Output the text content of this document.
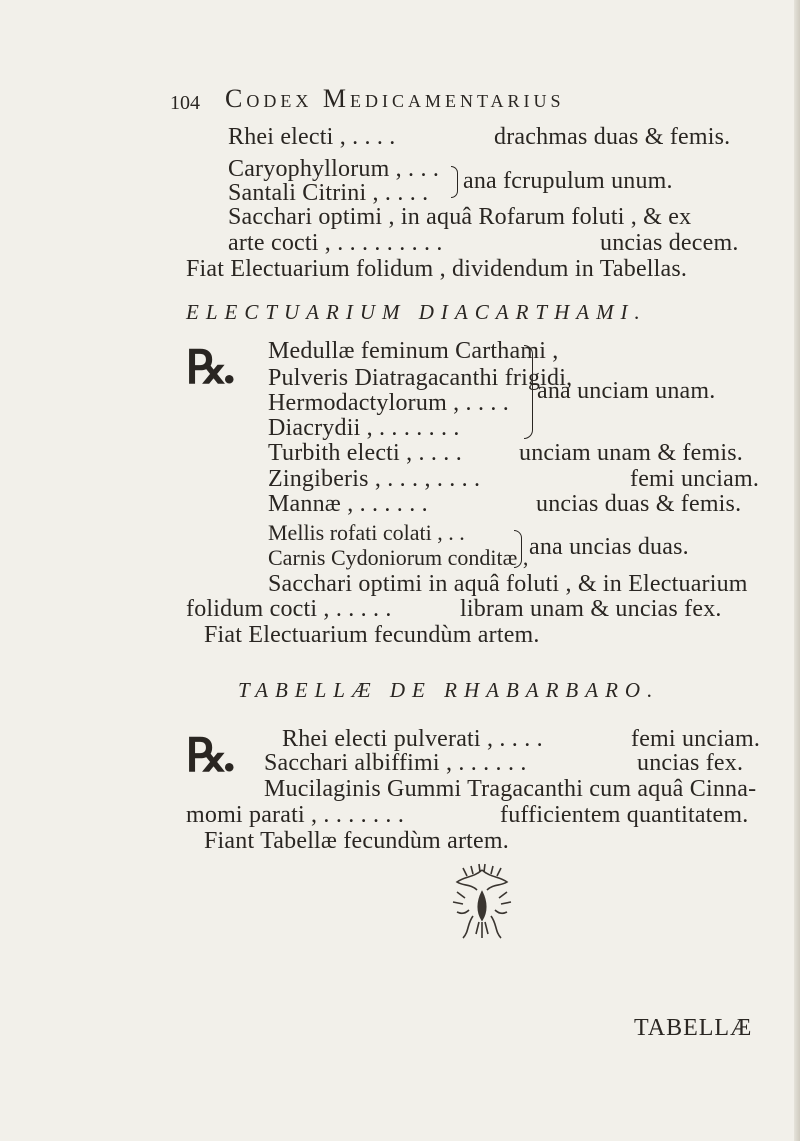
104 Codex Medicamentarius
Rhei electi , . . . .	drachmas duas & femis.
Caryophyllorum , . . .
Santali Citrini , . . . . ana fcrupulum unum.
Sacchari optimi , in aquâ Rofarum foluti , & ex
arte cocti , . . . . . . . . .	uncias decem.
Fiat Electuarium folidum , dividendum in Tabellas.
ELECTUARIUM DIACARTHAMI.
℞. Medullæ feminum Carthami ,
Pulveris Diatragacanthi frigidi,
Hermodactylorum , . . . .
Diacrydii , . . . . . . .
ana unciam unam.
Turbith electi , . . . . unciam unam & femis.
Zingiberis , . . . , . . . .	femi unciam.
Mannæ , . . . . . .	uncias duas & femis.
Mellis rofati colati , . .
Carnis Cydoniorum conditæ , ana uncias duas.
Sacchari optimi in aquâ foluti , & in Electuarium
folidum cocti , . . . . .	libram unam & uncias fex.
Fiat Electuarium fecundùm artem.
TABELLÆ DE RHABARBARO.
℞. Rhei electi pulverati , . . . .	femi unciam.
Sacchari albiffimi , . . . . . .	uncias fex.
Mucilaginis Gummi Tragacanthi cum aquâ Cinna-
momi parati , . . . . . . .	fufficientem quantitatem.
Fiant Tabellæ fecundùm artem.
TABELLÆ
